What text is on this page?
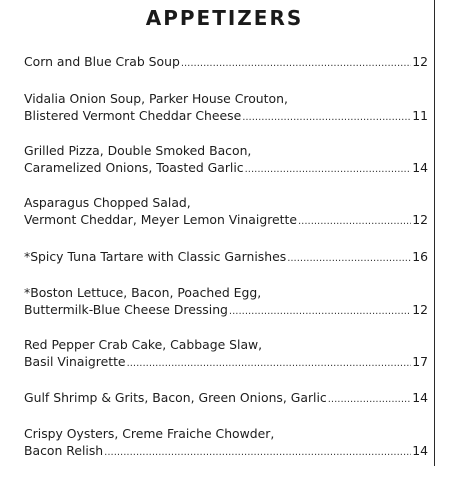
APPETIZERS
Corn and Blue Crab Soup .....	12
Vidalia Onion Soup, Parker House Crouton,
Blistered Vermont Cheddar Cheese .....	11
Grilled Pizza, Double Smoked Bacon,
Caramelized Onions, Toasted Garlic .....	14
Asparagus Chopped Salad,
Vermont Cheddar, Meyer Lemon Vinaigrette .....	12
*Spicy Tuna Tartare with Classic Garnishes .....	16
*Boston Lettuce, Bacon, Poached Egg,
Buttermilk-Blue Cheese Dressing .....	12
Red Pepper Crab Cake, Cabbage Slaw,
Basil Vinaigrette .....	17
Gulf Shrimp & Grits, Bacon, Green Onions, Garlic .....	14
Crispy Oysters, Creme Fraiche Chowder,
Bacon Relish .....	14
